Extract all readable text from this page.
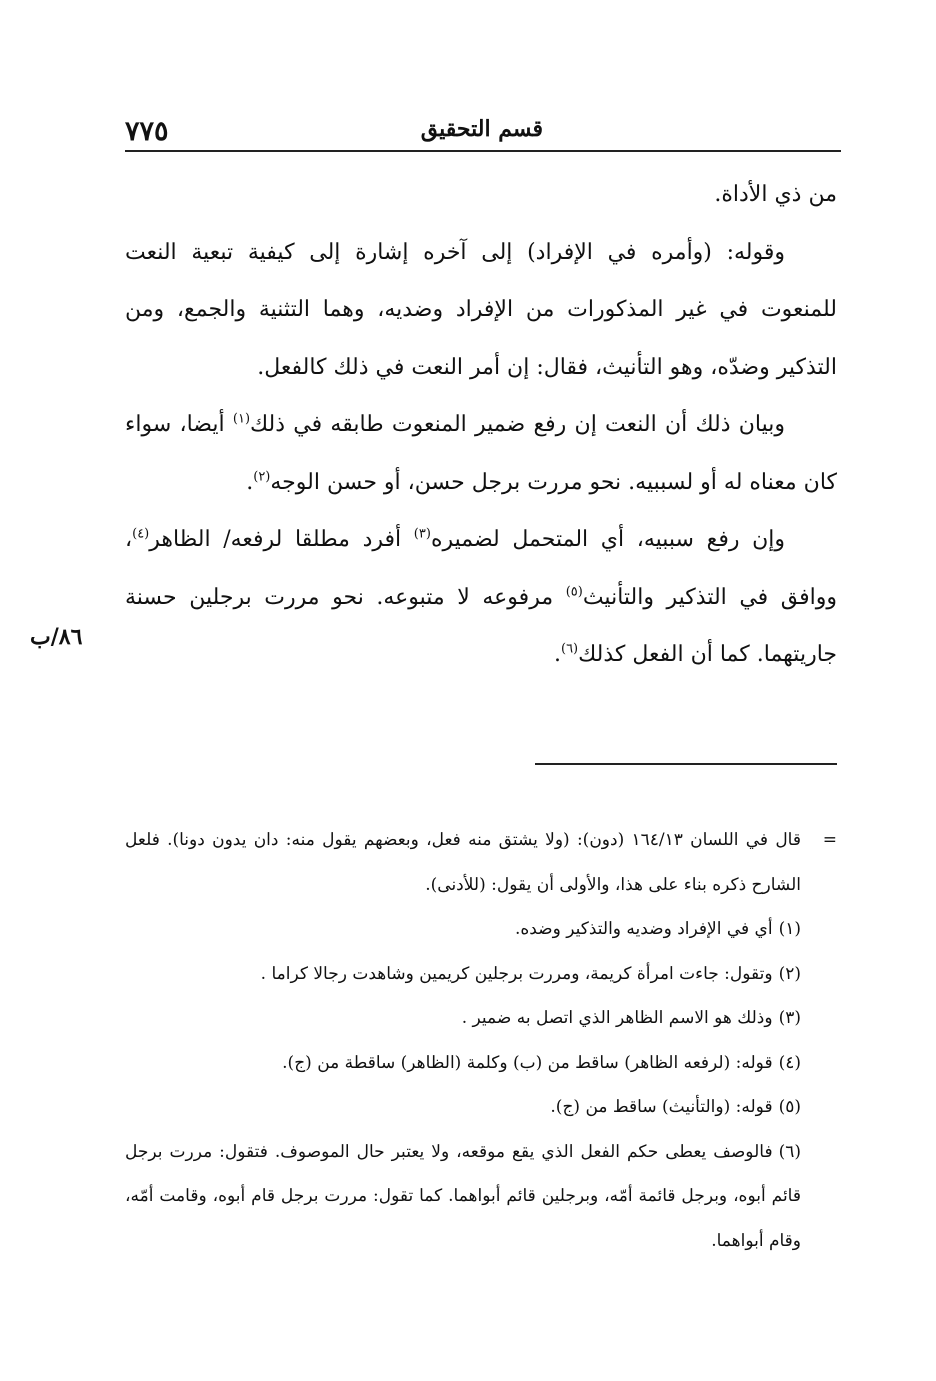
٧٧٥	قسم التحقيق
٨٦/ب

من ذي الأداة.

وقوله: (وأمره في الإفراد) إلى آخره إشارة إلى كيفية تبعية النعت للمنعوت في غير المذكورات من الإفراد وضديه، وهما التثنية والجمع، ومن التذكير وضدّه، وهو التأنيث، فقال: إن أمر النعت في ذلك كالفعل.

وبيان ذلك أن النعت إن رفع ضمير المنعوت طابقه في ذلك$^{(١)}$ أيضا، سواء كان معناه له أو لسببيه. نحو مررت برجل حسن، أو حسن الوجه$^{(٢)}$.

وإن رفع سببيه، أي المتحمل لضميره$^{(٣)}$ أفرد مطلقا لرفعه/ الظاهر$^{(٤)}$، ووافق في التذكير والتأنيث$^{(٥)}$ مرفوعه لا متبوعه. نحو مررت برجلين حسنة جاريتهما. كما أن الفعل كذلك$^{(٦)}$.

=
قال في اللسان ١٦٤/١٣ (دون): (ولا يشتق منه فعل، وبعضهم يقول منه: دان يدون دونا). فلعل الشارح ذكره بناء على هذا، والأولى أن يقول: (للأدنى).

(١)أي في الإفراد وضديه والتذكير وضده.

(٢)وتقول: جاءت امرأة كريمة، ومررت برجلين كريمين وشاهدت رجالا كراما .

(٣)وذلك هو الاسم الظاهر الذي اتصل به ضمير .

(٤)قوله: (لرفعه الظاهر) ساقط من (ب) وكلمة (الظاهر) ساقطة من (ج).

(٥)قوله: (والتأنيث) ساقط من (ج).

(٦)فالوصف يعطى حكم الفعل الذي يقع موقعه، ولا يعتبر حال الموصوف. فتقول: مررت برجل قائم أبوه، وبرجل قائمة أمّه، وبرجلين قائم أبواهما. كما تقول: مررت برجل قام أبوه، وقامت أمّه، وقام أبواهما.
